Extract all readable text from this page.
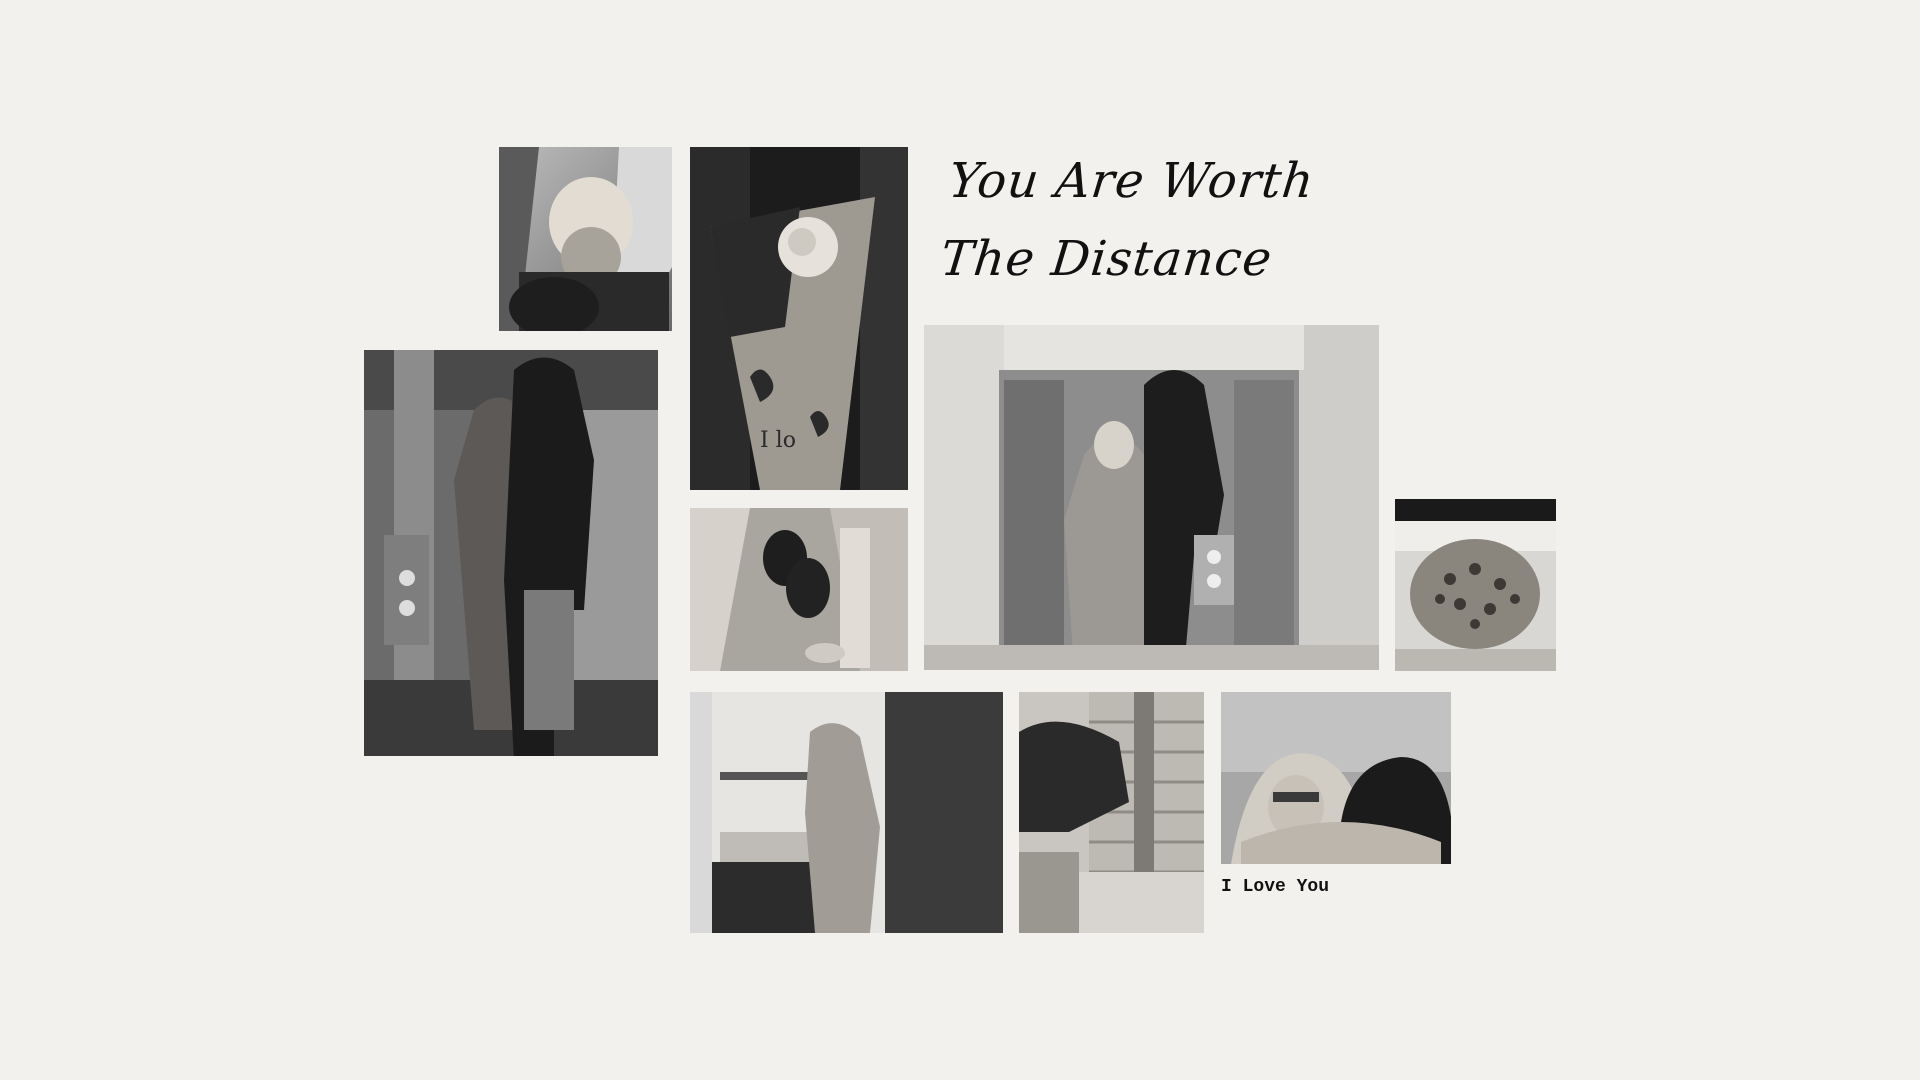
I lo
You Are Worth The Distance
I Love You
